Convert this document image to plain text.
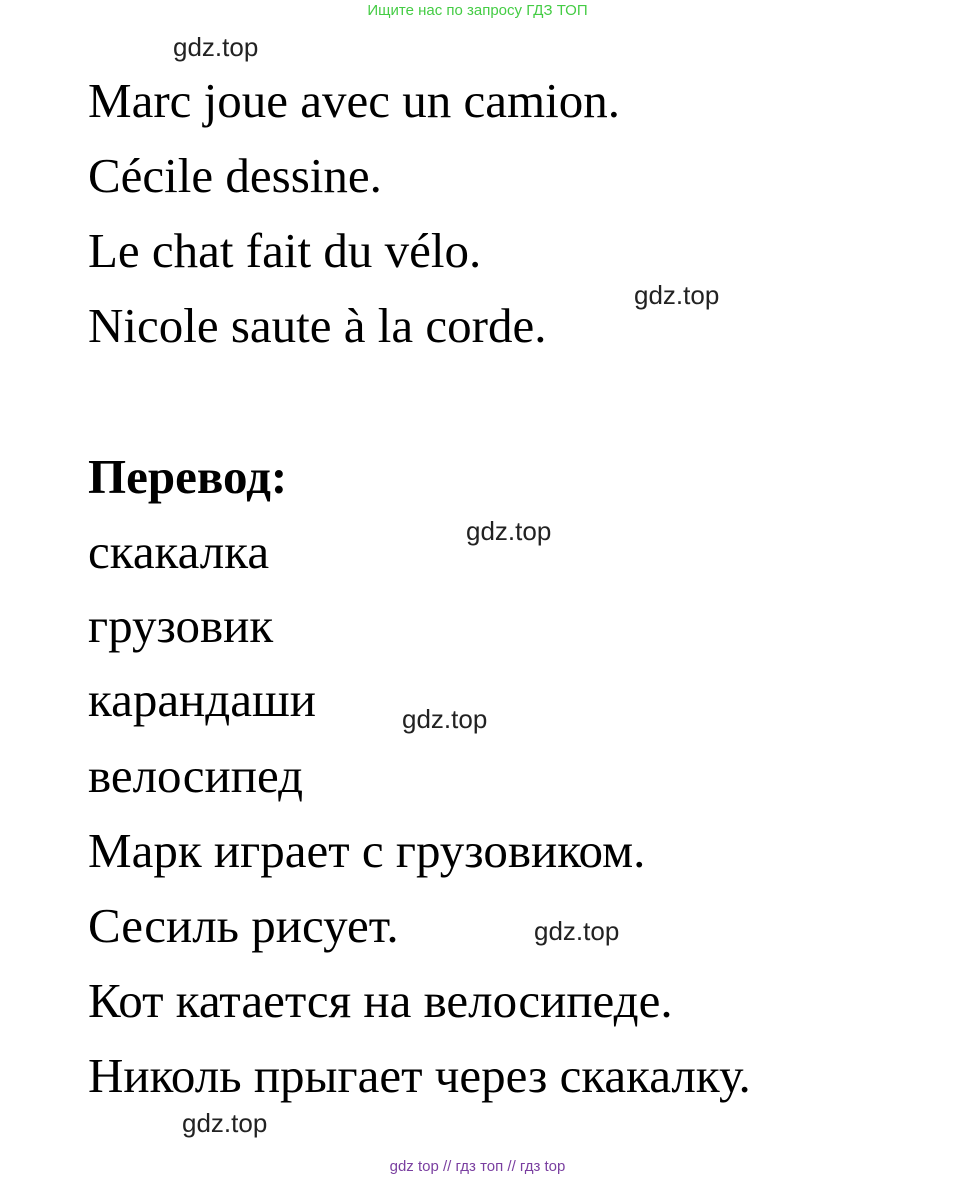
Ищите нас по запросу ГДЗ ТОП
Marc joue avec un camion.
Cécile dessine.
Le chat fait du vélo.
Nicole saute à la corde.
Перевод:
скакалка
грузовик
карандаши
велосипед
Марк играет с грузовиком.
Сесиль рисует.
Кот катается на велосипеде.
Николь прыгает через скакалку.
gdz.top
gdz.top
gdz.top
gdz.top
gdz.top
gdz.top
gdz top // гдз топ // гдз top
